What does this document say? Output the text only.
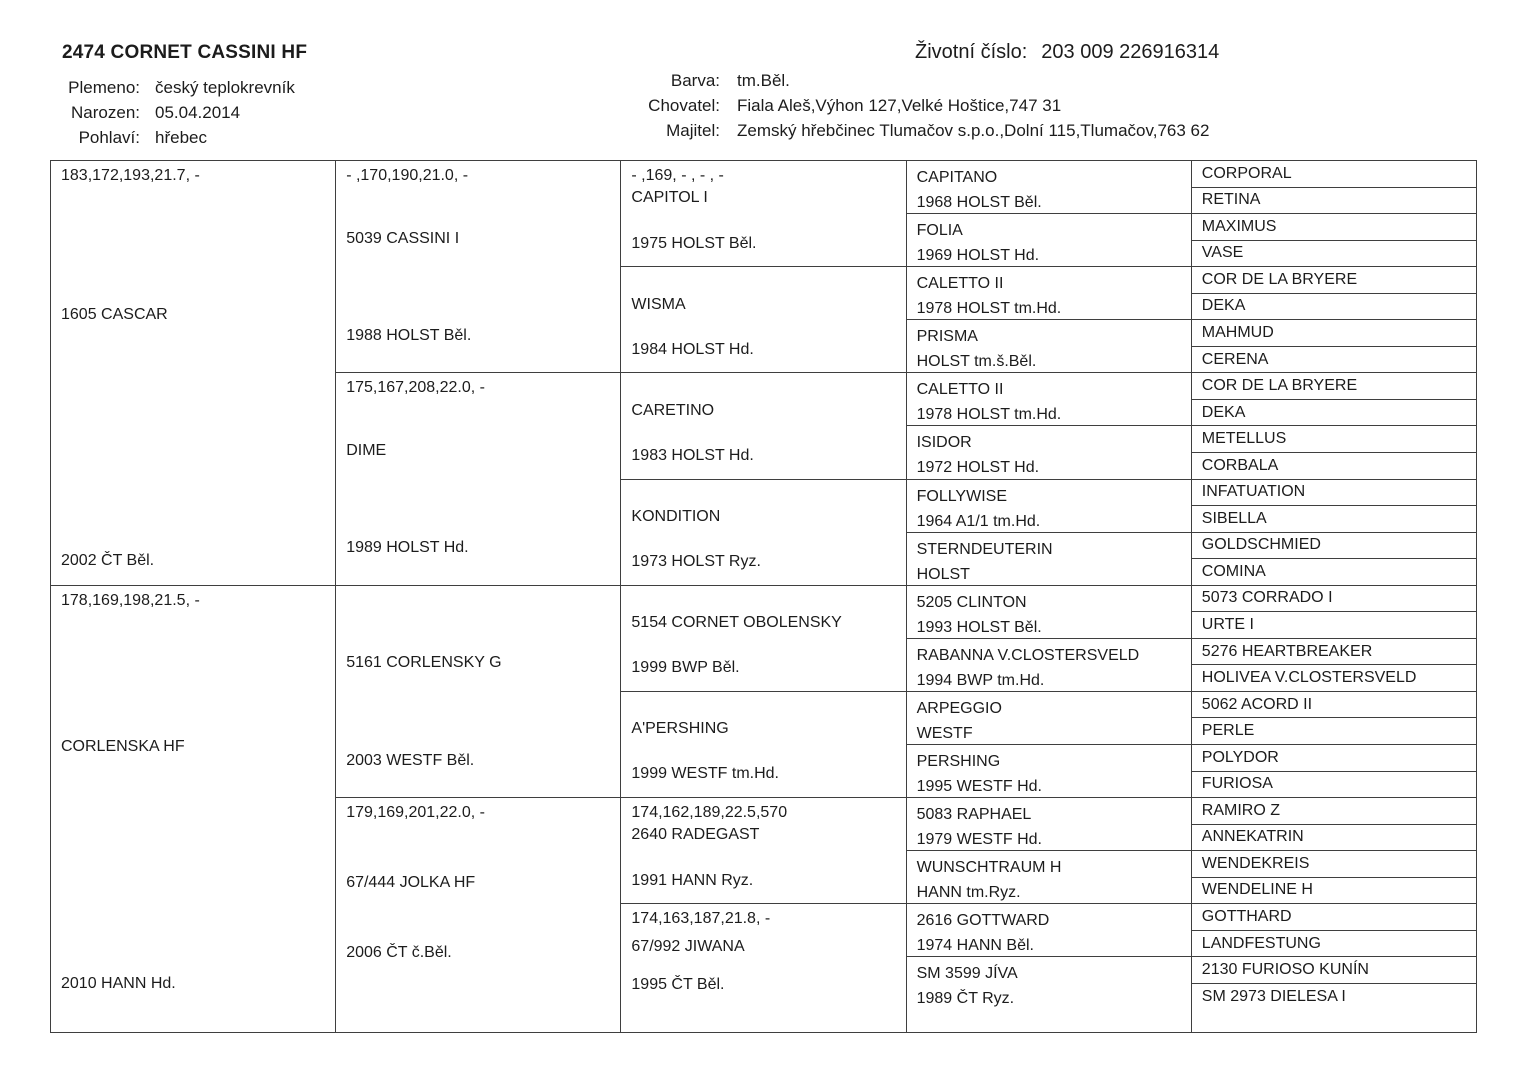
2474 CORNET CASSINI HF	Životní číslo: 203 009 226916314
Plemeno: český teplokrevník
Narozen: 05.04.2014
Pohlaví: hřebec
Barva: tm.Běl.
Chovatel: Fiala Aleš,Výhon 127,Velké Hoštice,747 31
Majitel: Zemský hřebčinec Tlumačov s.p.o.,Dolní 115,Tlumačov,763 62
183,172,193,21.7, -
1605 CASCAR
2002 ČT Běl.
178,169,198,21.5, -
CORLENSKA HF
2010 HANN Hd.
- ,170,190,21.0, -
5039 CASSINI I
1988 HOLST Běl.
175,167,208,22.0, -
DIME
1989 HOLST Hd.
5161 CORLENSKY G
2003 WESTF Běl.
179,169,201,22.0, -
67/444 JOLKA HF
2006 ČT č.Běl.
- ,169, - , - , -
CAPITOL I
1975 HOLST Běl.
WISMA
1984 HOLST Hd.
CARETINO
1983 HOLST Hd.
KONDITION
1973 HOLST Ryz.
5154 CORNET OBOLENSKY
1999 BWP Běl.
A'PERSHING
1999 WESTF tm.Hd.
174,162,189,22.5,570
2640 RADEGAST
1991 HANN Ryz.
174,163,187,21.8, -
67/992 JIWANA
1995 ČT Běl.
CAPITANO
1968 HOLST Běl.
FOLIA
1969 HOLST Hd.
CALETTO II
1978 HOLST tm.Hd.
PRISMA
HOLST tm.š.Běl.
CALETTO II
1978 HOLST tm.Hd.
ISIDOR
1972 HOLST Hd.
FOLLYWISE
1964 A1/1 tm.Hd.
STERNDEUTERIN
HOLST
5205 CLINTON
1993 HOLST Běl.
RABANNA V.CLOSTERSVELD
1994 BWP tm.Hd.
ARPEGGIO
WESTF
PERSHING
1995 WESTF Hd.
5083 RAPHAEL
1979 WESTF Hd.
WUNSCHTRAUM H
HANN tm.Ryz.
2616 GOTTWARD
1974 HANN Běl.
SM 3599 JÍVA
1989 ČT Ryz.
CORPORAL
RETINA
MAXIMUS
VASE
COR DE LA BRYERE
DEKA
MAHMUD
CERENA
COR DE LA BRYERE
DEKA
METELLUS
CORBALA
INFATUATION
SIBELLA
GOLDSCHMIED
COMINA
5073 CORRADO I
URTE I
5276 HEARTBREAKER
HOLIVEA V.CLOSTERSVELD
5062 ACORD II
PERLE
POLYDOR
FURIOSA
RAMIRO Z
ANNEKATRIN
WENDEKREIS
WENDELINE H
GOTTHARD
LANDFESTUNG
2130 FURIOSO KUNÍN
SM 2973 DIELESA I
